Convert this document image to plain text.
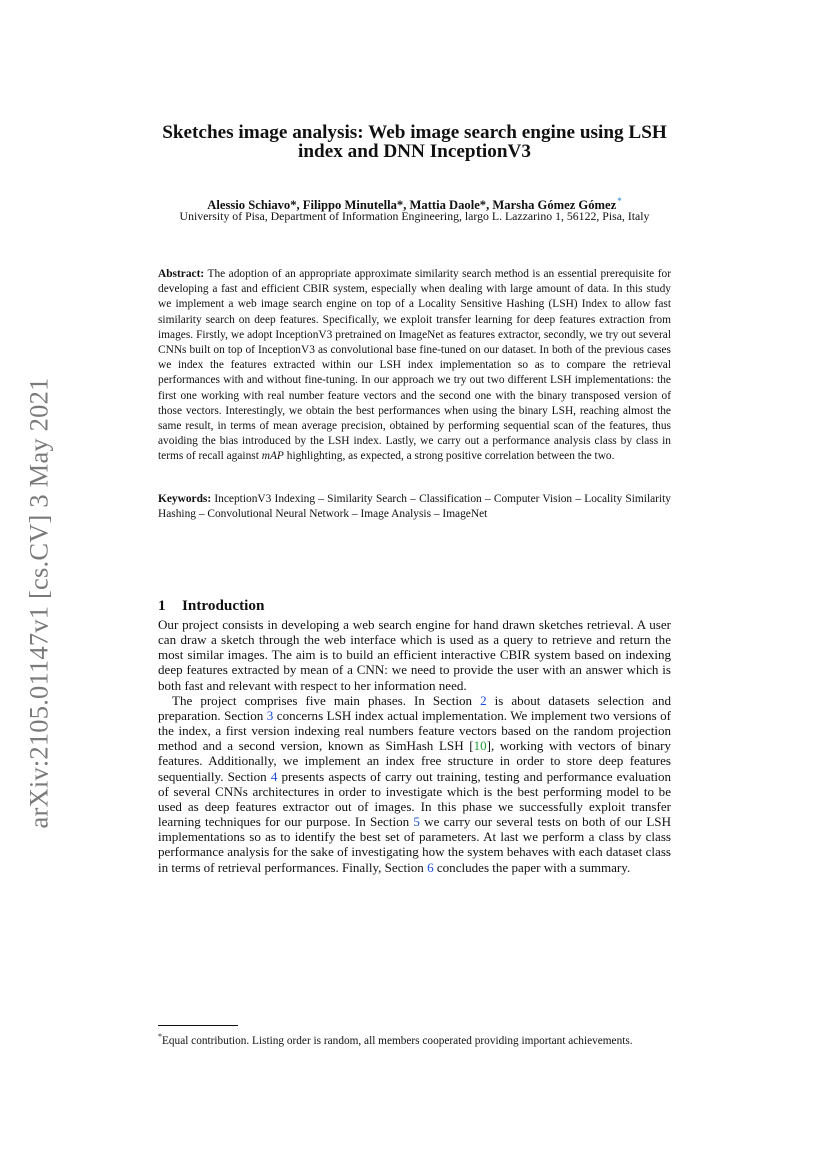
arXiv:2105.01147v1 [cs.CV] 3 May 2021
Sketches image analysis: Web image search engine using LSH index and DNN InceptionV3
Alessio Schiavo*, Filippo Minutella*, Mattia Daole*, Marsha Gómez Gómez*
University of Pisa, Department of Information Engineering, largo L. Lazzarino 1, 56122, Pisa, Italy
Abstract: The adoption of an appropriate approximate similarity search method is an essential prerequisite for developing a fast and efficient CBIR system, especially when dealing with large amount of data. In this study we implement a web image search engine on top of a Locality Sensitive Hashing (LSH) Index to allow fast similarity search on deep features. Specifically, we exploit transfer learning for deep features extraction from images. Firstly, we adopt InceptionV3 pretrained on ImageNet as features extractor, secondly, we try out several CNNs built on top of InceptionV3 as convolutional base fine-tuned on our dataset. In both of the previous cases we index the features extracted within our LSH index implementation so as to compare the retrieval performances with and without fine-tuning. In our approach we try out two different LSH implementations: the first one working with real number feature vectors and the second one with the binary transposed version of those vectors. Interestingly, we obtain the best performances when using the binary LSH, reaching almost the same result, in terms of mean average precision, obtained by performing sequential scan of the features, thus avoiding the bias introduced by the LSH index. Lastly, we carry out a performance analysis class by class in terms of recall against mAP highlighting, as expected, a strong positive correlation between the two.
Keywords: InceptionV3 Indexing – Similarity Search – Classification – Computer Vision – Locality Similarity Hashing – Convolutional Neural Network – Image Analysis – ImageNet
1 Introduction

Our project consists in developing a web search engine for hand drawn sketches retrieval. A user can draw a sketch through the web interface which is used as a query to retrieve and return the most similar images. The aim is to build an efficient interactive CBIR system based on indexing deep features extracted by mean of a CNN: we need to provide the user with an answer which is both fast and relevant with respect to her information need.

The project comprises five main phases. In Section 2 is about datasets selection and preparation. Section 3 concerns LSH index actual implementation. We implement two versions of the index, a first version indexing real numbers feature vectors based on the random projection method and a second version, known as SimHash LSH [10], working with vectors of binary features. Additionally, we implement an index free structure in order to store deep features sequentially. Section 4 presents aspects of carry out training, testing and performance evaluation of several CNNs architectures in order to investigate which is the best performing model to be used as deep features extractor out of images. In this phase we successfully exploit transfer learning techniques for our purpose. In Section 5 we carry our several tests on both of our LSH implementations so as to identify the best set of parameters. At last we perform a class by class performance analysis for the sake of investigating how the system behaves with each dataset class in terms of retrieval performances. Finally, Section 6 concludes the paper with a summary.

*Equal contribution. Listing order is random, all members cooperated providing important achievements.
